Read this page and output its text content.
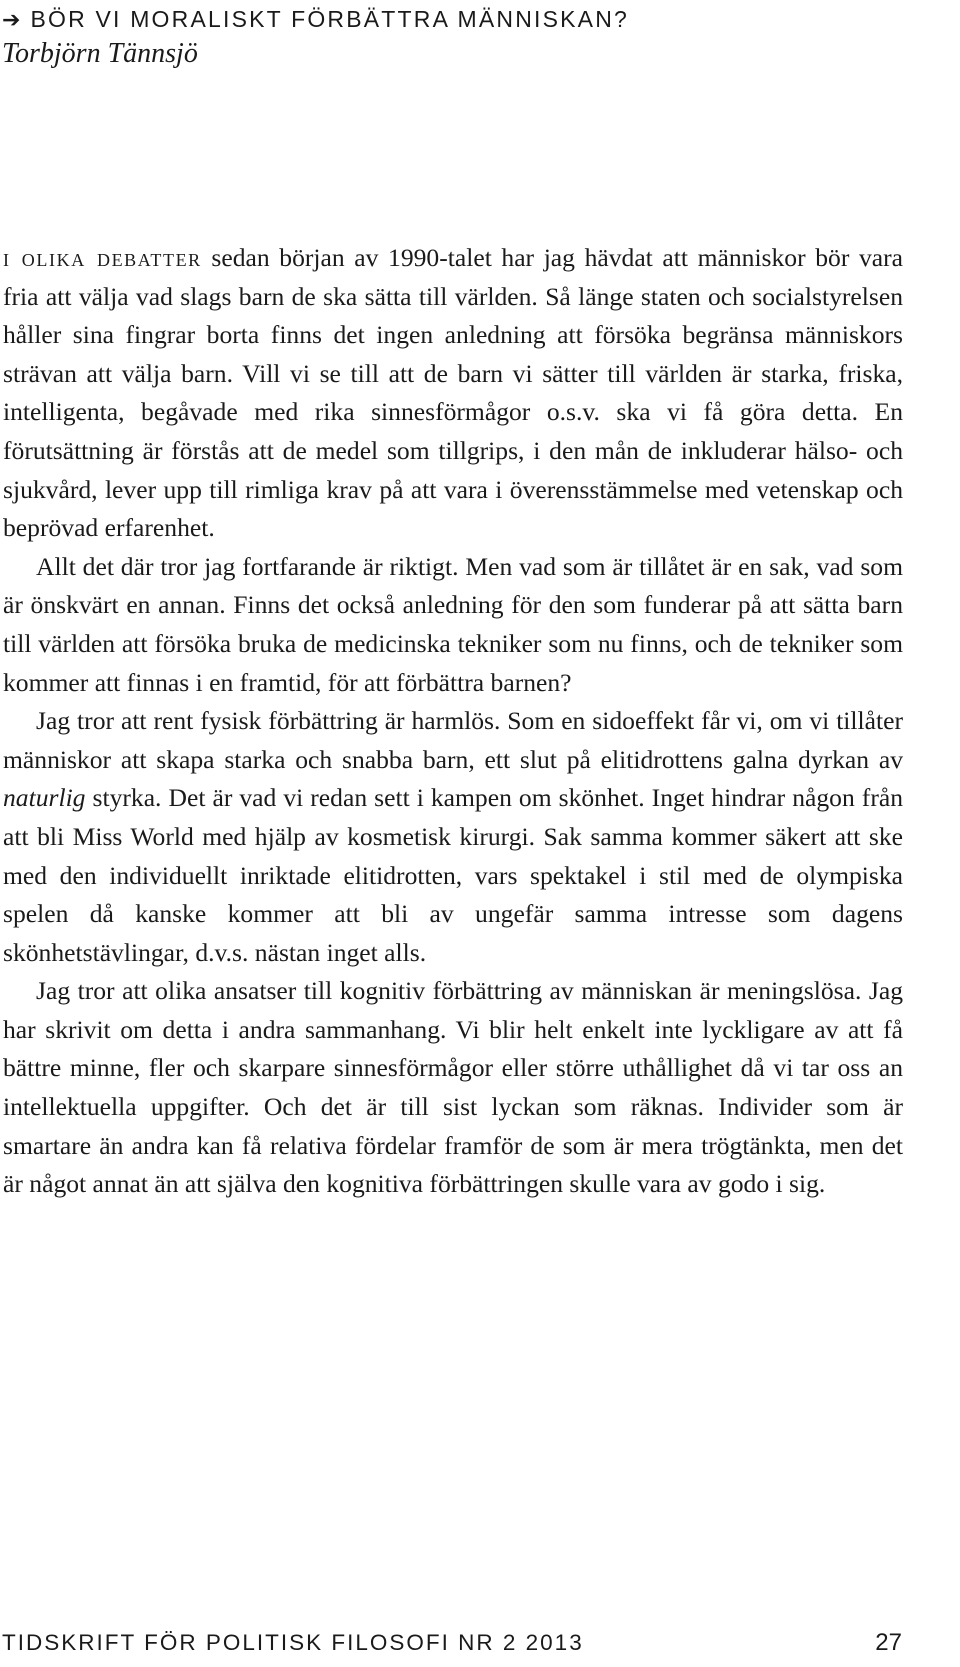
➔ BÖR VI MORALISKT FÖRBÄTTRA MÄNNISKAN?
Torbjörn Tännsjö

i olika debatter sedan början av 1990-talet har jag hävdat att människor bör vara fria att välja vad slags barn de ska sätta till världen. Så länge staten och socialstyrelsen håller sina fingrar borta finns det ingen anledning att försöka begränsa människors strävan att välja barn. Vill vi se till att de barn vi sätter till världen är starka, friska, intelligenta, begåvade med rika sinnesförmågor o.s.v. ska vi få göra detta. En förutsättning är förstås att de medel som tillgrips, i den mån de inkluderar hälso- och sjukvård, lever upp till rimliga krav på att vara i överensstämmelse med vetenskap och beprövad erfarenhet.

Allt det där tror jag fortfarande är riktigt. Men vad som är tillåtet är en sak, vad som är önskvärt en annan. Finns det också anledning för den som funderar på att sätta barn till världen att försöka bruka de medicinska tekniker som nu finns, och de tekniker som kommer att finnas i en framtid, för att förbättra barnen?

Jag tror att rent fysisk förbättring är harmlös. Som en sidoeffekt får vi, om vi tillåter människor att skapa starka och snabba barn, ett slut på elitidrottens galna dyrkan av naturlig styrka. Det är vad vi redan sett i kampen om skönhet. Inget hindrar någon från att bli Miss World med hjälp av kosmetisk kirurgi. Sak samma kommer säkert att ske med den individuellt inriktade elitidrotten, vars spektakel i stil med de olympiska spelen då kanske kommer att bli av ungefär samma intresse som dagens skönhetstävlingar, d.v.s. nästan inget alls.

Jag tror att olika ansatser till kognitiv förbättring av människan är meningslösa. Jag har skrivit om detta i andra sammanhang. Vi blir helt enkelt inte lyckligare av att få bättre minne, fler och skarpare sinnesförmågor eller större uthållighet då vi tar oss an intellektuella uppgifter. Och det är till sist lyckan som räknas. Individer som är smartare än andra kan få relativa fördelar framför de som är mera trögtänkta, men det är något annat än att själva den kognitiva förbättringen skulle vara av godo i sig.

TIDSKRIFT FÖR POLITISK FILOSOFI NR 2 2013	27
